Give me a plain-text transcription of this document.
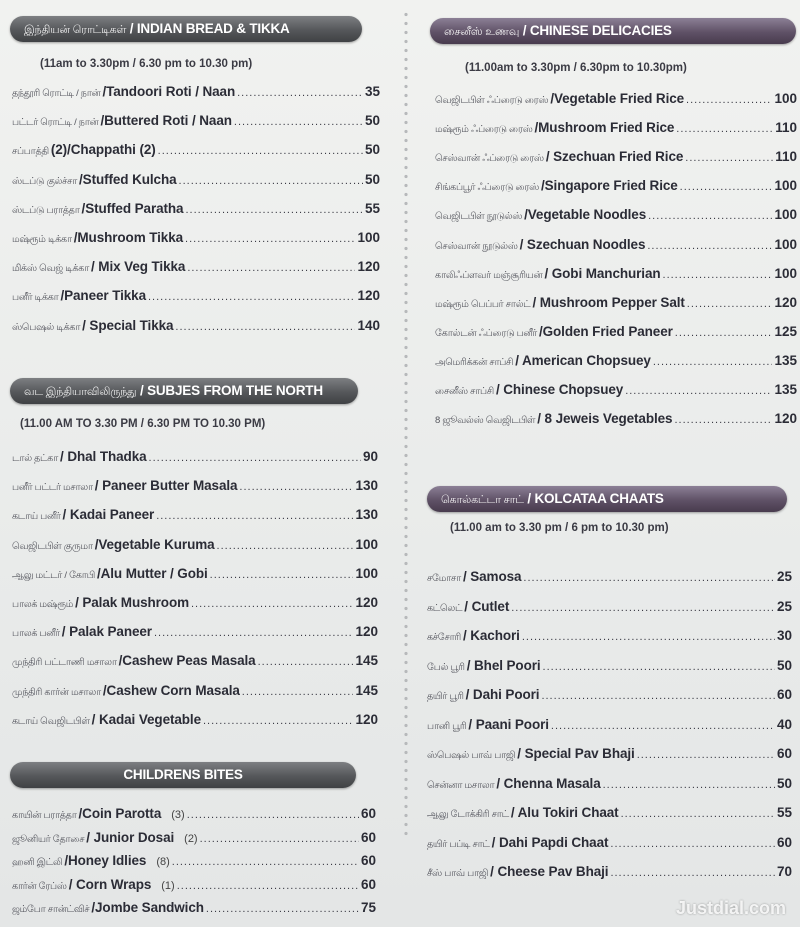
இந்தியன் ரொட்டிகள் / INDIAN BREAD & TIKKA
(11am to 3.30pm / 6.30 pm to 10.30 pm)
தந்தூரி ரொட்டி / நான் /Tandoori Roti / Naan .....	35
பட்டர் ரொட்டி / நான் /Buttered Roti / Naan .....	50
சப்பாத்தி (2)/Chappathi (2) .....	50
ஸ்டப்டு குல்ச்சா /Stuffed Kulcha .....	50
ஸ்டப்டு பராத்தா /Stuffed Paratha .....	55
மஷ்ரூம் டிக்கா /Mushroom Tikka .....	100
மிக்ஸ் வெஜ் டிக்கா / Mix Veg Tikka .....	120
பனீர் டிக்கா /Paneer Tikka .....	120
ஸ்பெஷல் டிக்கா / Special Tikka .....	140
வட இந்தியாவிலிருந்து / SUBJES FROM THE NORTH
(11.00 AM TO 3.30 PM / 6.30 PM TO 10.30 PM)
டால் தட்கா / Dhal Thadka .....	90
பனீர் பட்டர் மசாலா / Paneer Butter Masala .....	130
கடாய் பனீர் / Kadai Paneer .....	130
வெஜிடபிள் குருமா /Vegetable Kuruma .....	100
ஆலு மட்டர் / கோபி /Alu Mutter / Gobi .....	100
பாலக் மஷ்ரூம் / Palak Mushroom .....	120
பாலக் பனீர் / Palak Paneer .....	120
முந்திரி பட்டாணி மசாலா /Cashew Peas Masala .....	145
முந்திரி கார்ன் மசாலா /Cashew Corn Masala .....	145
கடாய் வெஜிடபிள் / Kadai Vegetable .....	120
CHILDRENS BITES
காயின் பராத்தா /Coin Parotta (3) .....	60
ஜூனியர் தோசை / Junior Dosai (2) .....	60
ஹனி இட்லி /Honey Idlies (8) .....	60
கார்ன் ரேப்ஸ் / Corn Wraps (1) .....	60
ஜம்போ சான்ட்விச் /Jombe Sandwich .....	75
சைனீஸ் உணவு / CHINESE DELICACIES
(11.00am to 3.30pm / 6.30pm to 10.30pm)
வெஜிடபிள் ஃப்ரைடு ரைஸ் /Vegetable Fried Rice .....	100
மஷ்ரூம் ஃப்ரைடு ரைஸ் /Mushroom Fried Rice .....	110
செஸ்வான் ஃப்ரைடு ரைஸ் / Szechuan Fried Rice .....	110
சிங்கப்பூர் ஃப்ரைடு ரைஸ் /Singapore Fried Rice .....	100
வெஜிடபிள் நூடுல்ஸ் /Vegetable Noodles .....	100
செஸ்வான் நூடுல்ஸ் / Szechuan Noodles .....	100
காலிஃப்ளவர் மஞ்சூரியன் / Gobi Manchurian .....	100
மஷ்ரூம் பெப்பர் சால்ட் / Mushroom Pepper Salt .....	120
கோல்டன் ஃப்ரைடு பனீர் /Golden Fried Paneer .....	125
அமெரிக்கன் சாப்சி / American Chopsuey .....	135
சைனீஸ் சாப்சி / Chinese Chopsuey .....	135
8 ஜூவல்ஸ் வெஜிடபிள் / 8 Jeweis Vegetables .....	120
கொல்கட்டா சாட் / KOLCATAA CHAATS
(11.00 am to 3.30 pm / 6 pm to 10.30 pm)
சமோசா / Samosa .....	25
கட்லெட் / Cutlet .....	25
கச்சோரி / Kachori .....	30
பேல் பூரி / Bhel Poori .....	50
தயிர் பூரி / Dahi Poori .....	60
பானி பூரி / Paani Poori .....	40
ஸ்பெஷல் பாவ் பாஜி / Special Pav Bhaji .....	60
சென்னா மசாலா / Chenna Masala .....	50
ஆலு டோக்கிரி சாட் / Alu Tokiri Chaat .....	55
தயிர் பப்டி சாட் / Dahi Papdi Chaat .....	60
சீஸ் பாவ் பாஜி / Cheese Pav Bhaji .....	70
Justdial.com
